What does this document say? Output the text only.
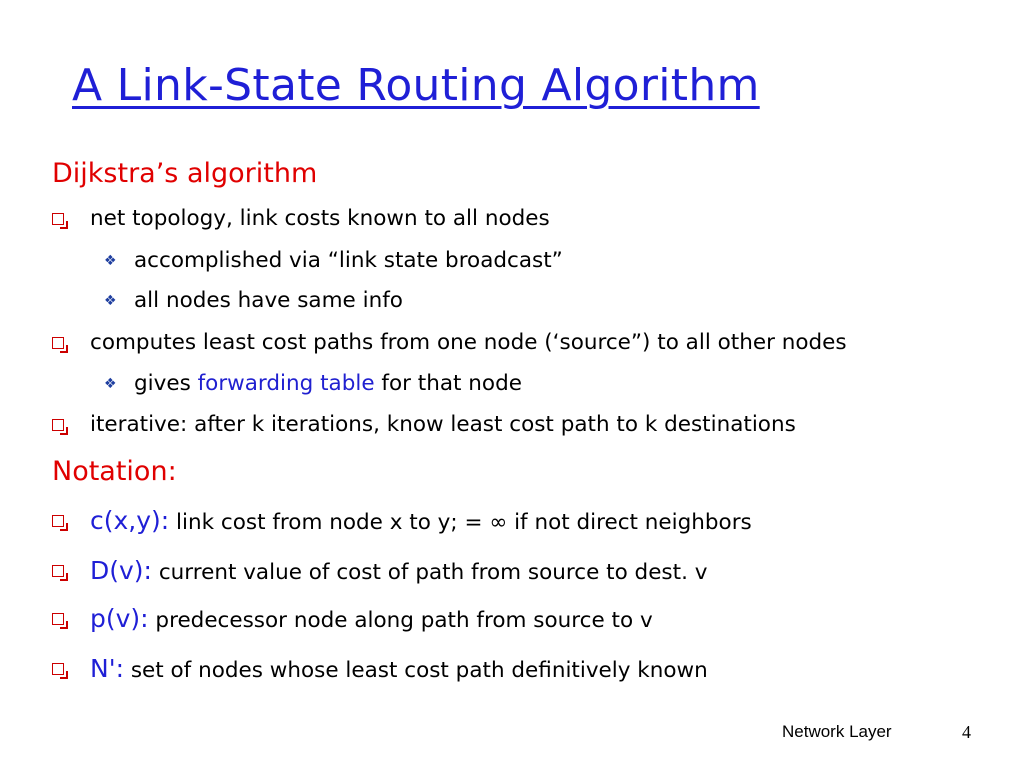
A Link-State Routing Algorithm
Dijkstra’s algorithm
net topology, link costs known to all nodes
❖ accomplished via “link state broadcast”
❖ all nodes have same info
computes least cost paths from one node (‘source”) to all other nodes
❖ gives forwarding table for that node
iterative: after k iterations, know least cost path to k destinations
Notation:
c(x,y): link cost from node x to y; = ∞ if not direct neighbors
D(v): current value of cost of path from source to dest. v
p(v): predecessor node along path from source to v
N': set of nodes whose least cost path definitively known
Network Layer	4
